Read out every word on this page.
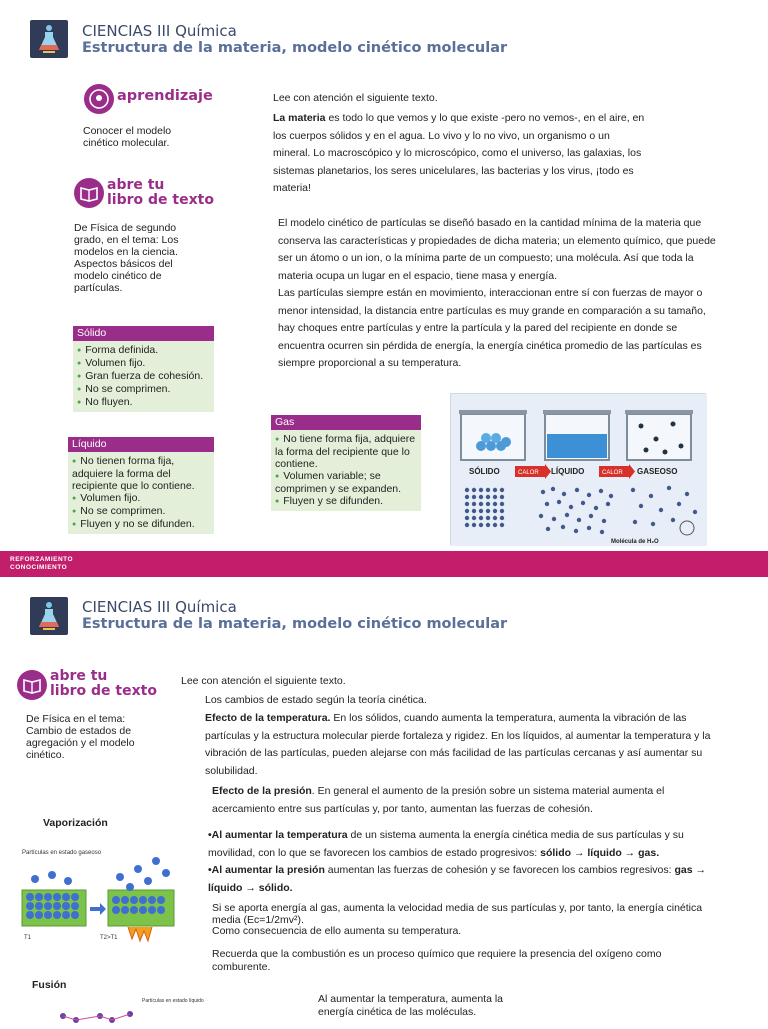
CIENCIAS III Química
Estructura de la materia, modelo cinético molecular
aprendizaje
Conocer el modelo cinético molecular.
abre tu
libro de texto
De Física de segundo grado, en el tema: Los modelos en la ciencia. Aspectos básicos del modelo cinético de partículas.
Sólido
● Forma definida.
● Volumen fijo.
● Gran fuerza de cohesión.
● No se comprimen.
● No fluyen.
Líquido
● No tienen forma fija, adquiere la forma del recipiente que lo contiene.
● Volumen fijo.
● No se comprimen.
● Fluyen y no se difunden.
Gas
● No tiene forma fija, adquiere la forma del recipiente que lo contiene.
● Volumen variable; se comprimen y se expanden.
● Fluyen y se difunden.
Lee con atención el siguiente texto.
La materia es todo lo que vemos y lo que existe -pero no vemos-, en el aire, en los cuerpos sólidos y en el agua. Lo vivo y lo no vivo, un organismo o un mineral. Lo macroscópico y lo microscópico, como el universo, las galaxias, los sistemas planetarios, los seres unicelulares, las bacterias y los virus, ¡todo es materia!
El modelo cinético de partículas se diseñó basado en la cantidad mínima de la materia que conserva las características y propiedades de dicha materia; un elemento químico, que puede ser un átomo o un ion, o la mínima parte de un compuesto; una molécula. Así que toda la materia ocupa un lugar en el espacio, tiene masa y energía.
Las partículas siempre están en movimiento, interaccionan entre sí con fuerzas de mayor o menor intensidad, la distancia entre partículas es muy grande en comparación a su tamaño, hay choques entre partículas y entre la partícula y la pared del recipiente en donde se encuentra ocurren sin pérdida de energía, la energía cinética promedio de las partículas es siempre proporcional a su temperatura.
SÓLIDO	CALOR LÍQUIDO	CALOR GASEOSO
Molécula de H₂O
REFORZAMIENTO
CONOCIMIENTO
CIENCIAS III Química
Estructura de la materia, modelo cinético molecular
abre tu
libro de texto
De Física en el tema: Cambio de estados de agregación y el modelo cinético.
Vaporización
Partículas en estado gaseoso
T1	T2>T1
Fusión
Partículas en estado líquido
Lee con atención el siguiente texto.
Los cambios de estado según la teoría cinética.
Efecto de la temperatura. En los sólidos, cuando aumenta la temperatura, aumenta la vibración de las partículas y la estructura molecular pierde fortaleza y rigidez. En los líquidos, al aumentar la temperatura y la vibración de las partículas, pueden alejarse con más facilidad de las partículas cercanas y así aumentar su solubilidad.
Efecto de la presión. En general el aumento de la presión sobre un sistema material aumenta el acercamiento entre sus partículas y, por tanto, aumentan las fuerzas de cohesión.
•Al aumentar la temperatura de un sistema aumenta la energía cinética media de sus partículas y su movilidad, con lo que se favorecen los cambios de estado progresivos: sólido → líquido → gas.
•Al aumentar la presión aumentan las fuerzas de cohesión y se favorecen los cambios regresivos: gas → líquido → sólido.
Si se aporta energía al gas, aumenta la velocidad media de sus partículas y, por tanto, la energía cinética media (Ec=1/2mv²).
Como consecuencia de ello aumenta su temperatura.
Recuerda que la combustión es un proceso químico que requiere la presencia del oxígeno como comburente.
Al aumentar la temperatura, aumenta la energía cinética de las moléculas.
